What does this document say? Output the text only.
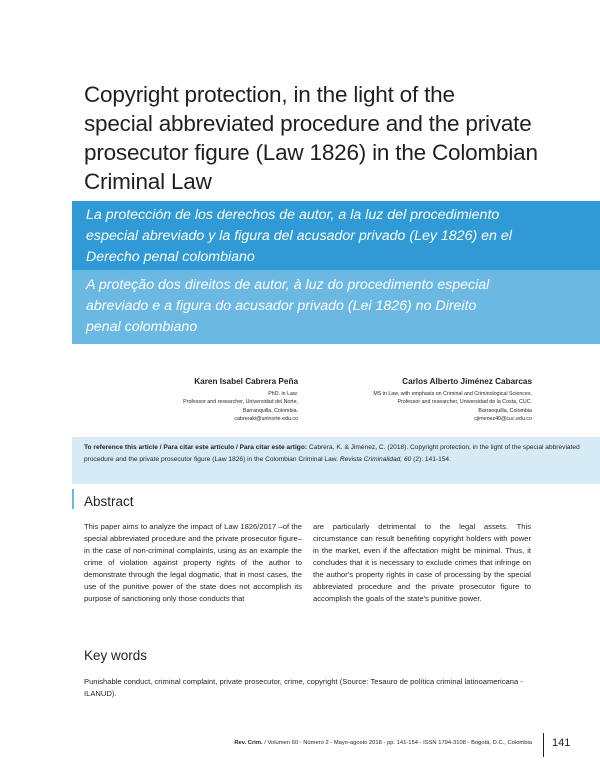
Copyright protection, in the light of the
special abbreviated procedure and the private
prosecutor figure (Law 1826) in the Colombian
Criminal Law
La protección de los derechos de autor, a la luz del procedimiento
especial abreviado y la figura del acusador privado (Ley 1826) en el
Derecho penal colombiano
A proteção dos direitos de autor, à luz do procedimento especial
abreviado e a figura do acusador privado (Lei 1826) no Direito
penal colombiano
Karen Isabel Cabrera Peña
PhD. in Law.
Professor and researcher, Universidad del Norte,
Barranquilla, Colombia.
cabreraki@uninorte.edu.co
Carlos Alberto Jiménez Cabarcas
MS in Law, with emphasis on Criminal and Criminological Sciences.
Professor and researcher, Universidad de la Costa, CUC.
Barranquilla, Colombia
cjimenez40@cuc.edu.co
To reference this article / Para citar este artículo / Para citar este artigo: Cabrera, K. & Jiménez, C. (2018). Copyright protection, in the light of the special abbreviated procedure and the private prosecutor figure (Law 1826) in the Colombian Criminal Law. Revista Criminalidad, 60 (2): 141-154.
Abstract
This paper aims to analyze the impact of Law 1826/2017 –of the special abbreviated procedure and the private prosecutor figure– in the case of non-criminal complaints, using as an example the crime of violation against property rights of the author to demonstrate through the legal dogmatic, that in most cases, the use of the punitive power of the state does not accomplish its purpose of sanctioning only those conducts that
are particularly detrimental to the legal assets. This circumstance can result benefiting copyright holders with power in the market, even if the affectation might be minimal. Thus, it concludes that it is necessary to exclude crimes that infringe on the author's property rights in case of processing by the special abbreviated procedure and the private prosecutor figure to accomplish the goals of the state's punitive power.
Key words
Punishable conduct, criminal complaint, private prosecutor, crime, copyright (Source: Tesauro de política criminal latinoamericana - ILANUD).
Rev. Crim. / Volumen 60 - Número 2 - Mayo-agosto 2018 - pp. 141-154 - ISSN 1794-3108 - Bogotá, D.C., Colombia 141
